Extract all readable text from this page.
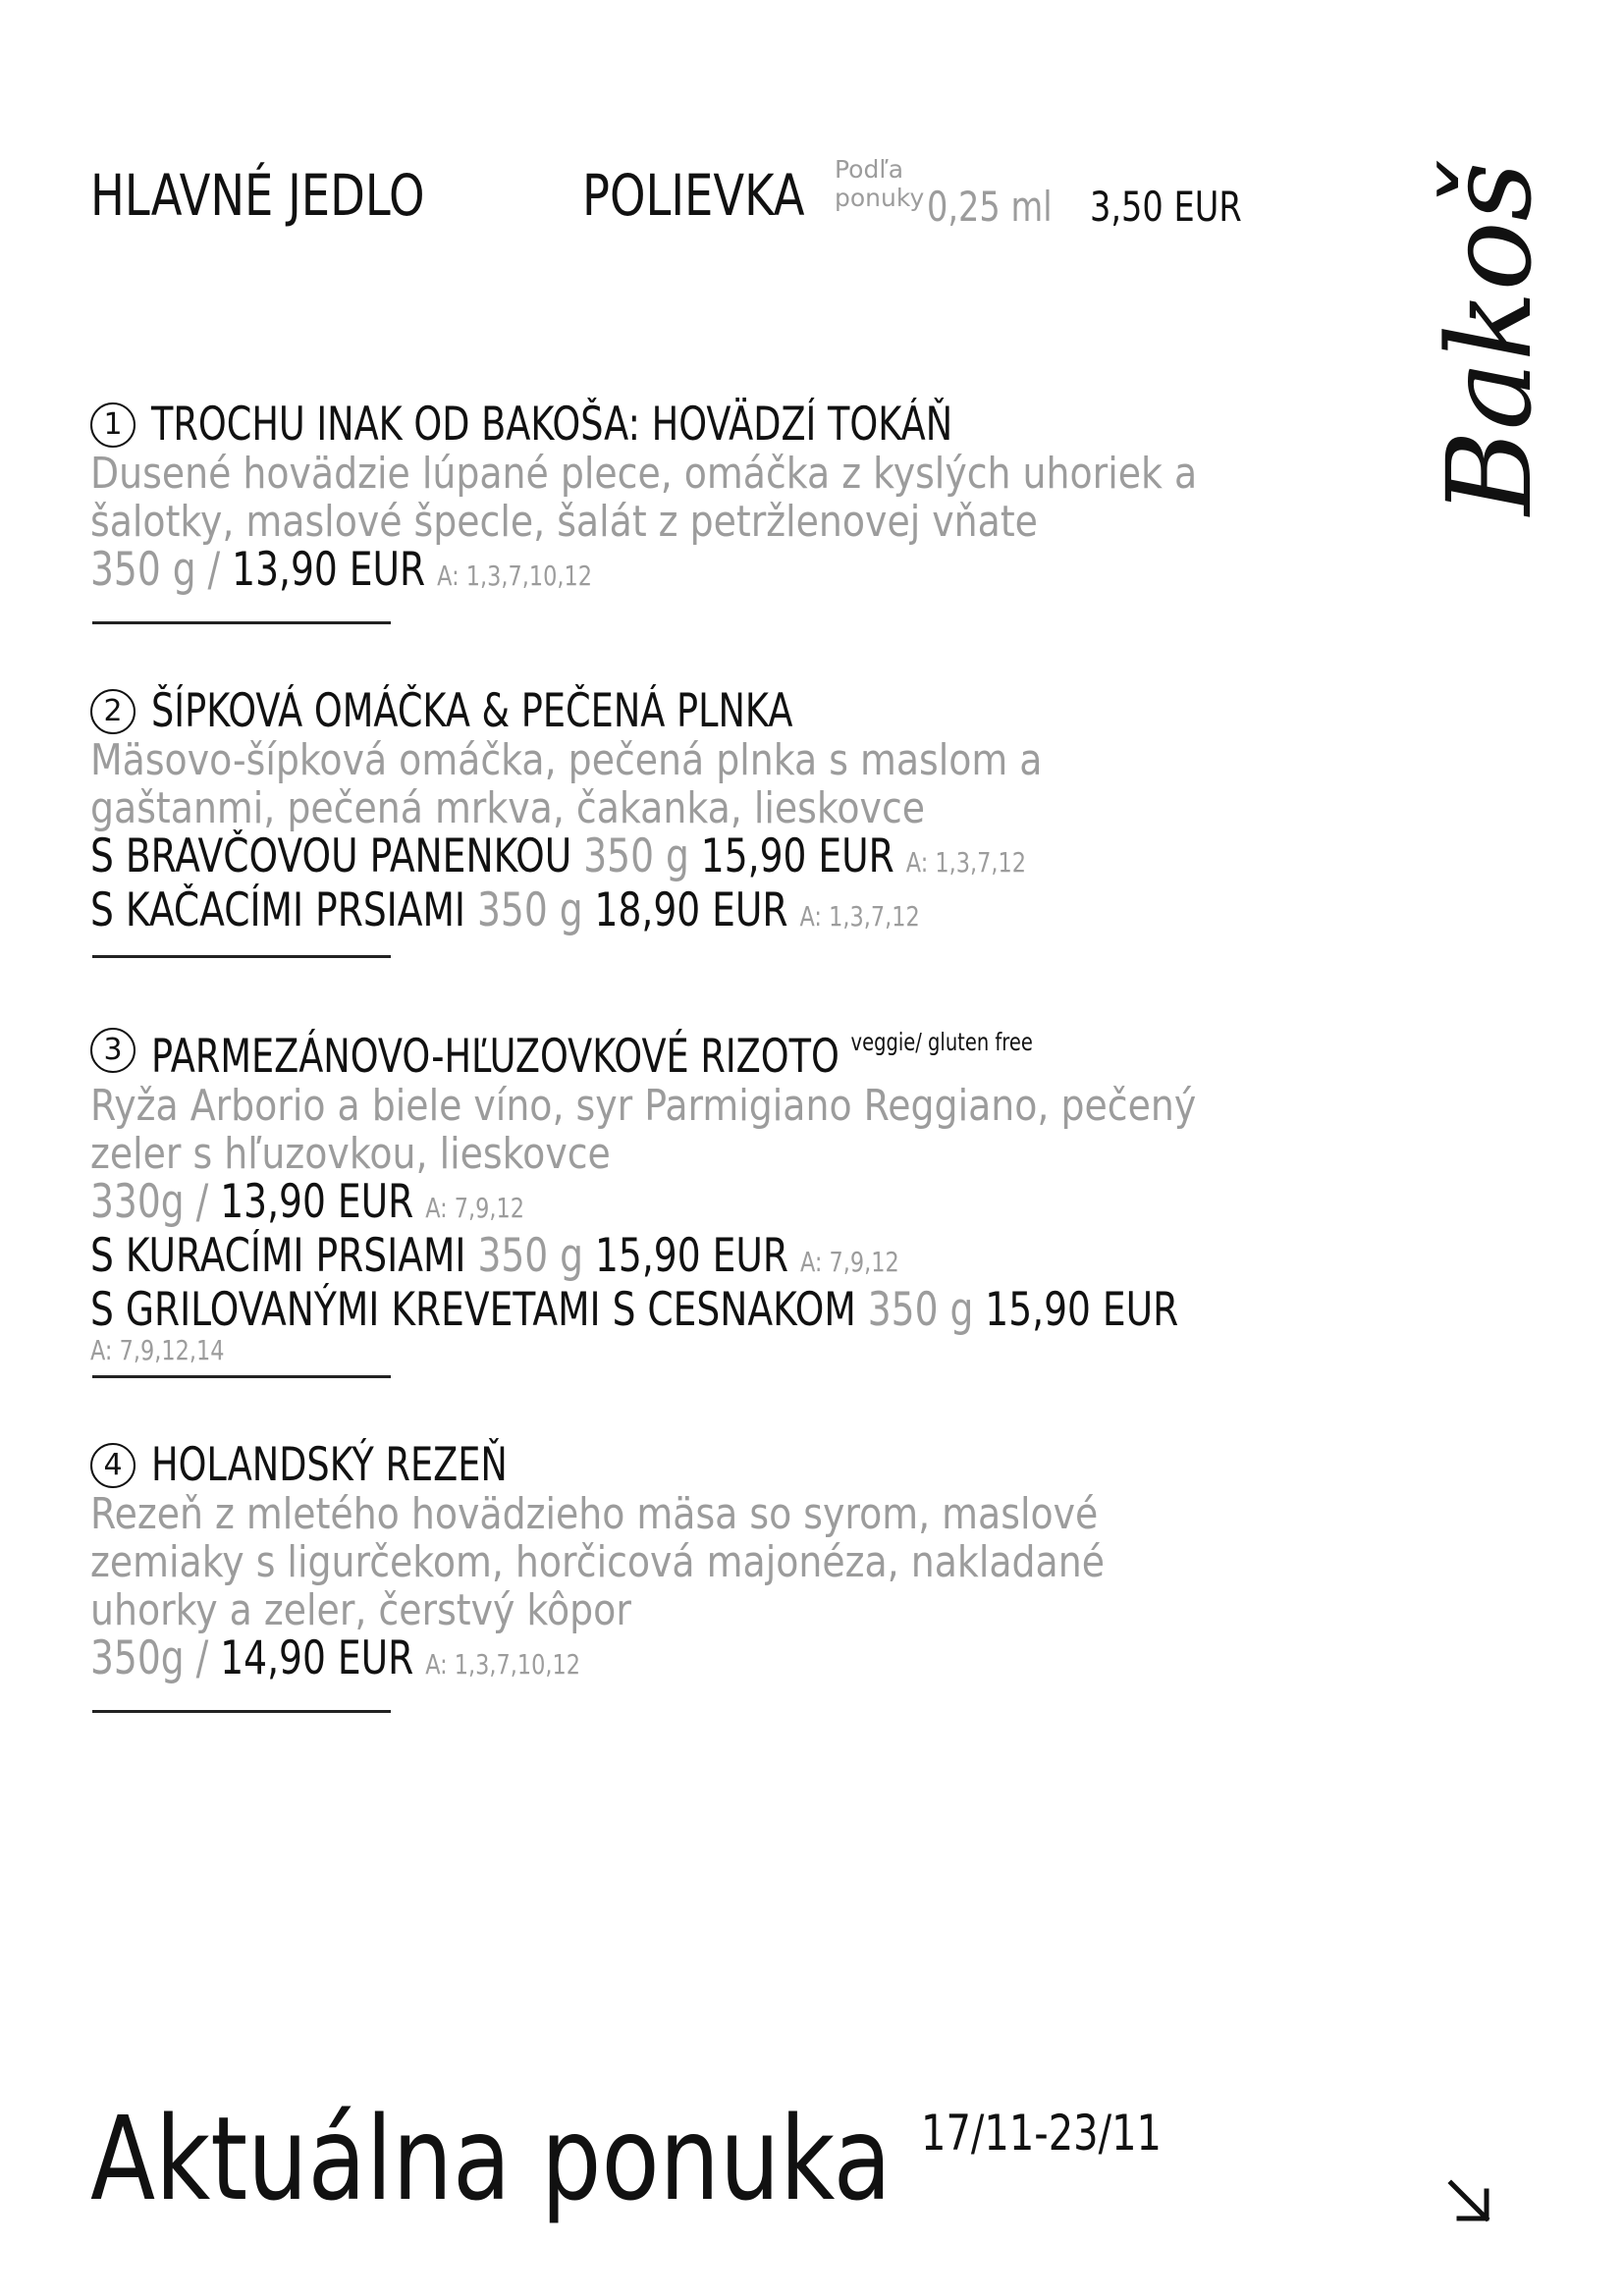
HLAVNÉ JEDLO	POLIEVKA	Podľa
ponuky 0,25 ml 3,50 EUR	Bakoš
1 TROCHU INAK OD BAKOŠA: HOVÄDZÍ TOKÁŇ
Dusené hovädzie lúpané plece, omáčka z kyslých uhoriek a
šalotky, maslové špecle, šalát z petržlenovej vňate
350 g / 13,90 EUR A: 1,3,7,10,12
2 ŠÍPKOVÁ OMÁČKA & PEČENÁ PLNKA
Mäsovo-šípková omáčka, pečená plnka s maslom a
gaštanmi, pečená mrkva, čakanka, lieskovce
S BRAVČOVOU PANENKOU 350 g 15,90 EUR A: 1,3,7,12
S KAČACÍMI PRSIAMI 350 g 18,90 EUR A: 1,3,7,12
3 PARMEZÁNOVO-HĽUZOVKOVÉ RIZOTO $^{veggie/ gluten free}$
Ryža Arborio a biele víno, syr Parmigiano Reggiano, pečený
zeler s hľuzovkou, lieskovce
330g / 13,90 EUR A: 7,9,12
S KURACÍMI PRSIAMI 350 g 15,90 EUR A: 7,9,12
S GRILOVANÝMI KREVETAMI S CESNAKOM 350 g 15,90 EUR
A: 7,9,12,14
4 HOLANDSKÝ REZEŇ
Rezeň z mletého hovädzieho mäsa so syrom, maslové
zemiaky s ligurčekom, horčicová majonéza, nakladané
uhorky a zeler, čerstvý kôpor
350g / 14,90 EUR A: 1,3,7,10,12
Aktuálna ponuka 17/11-23/11
